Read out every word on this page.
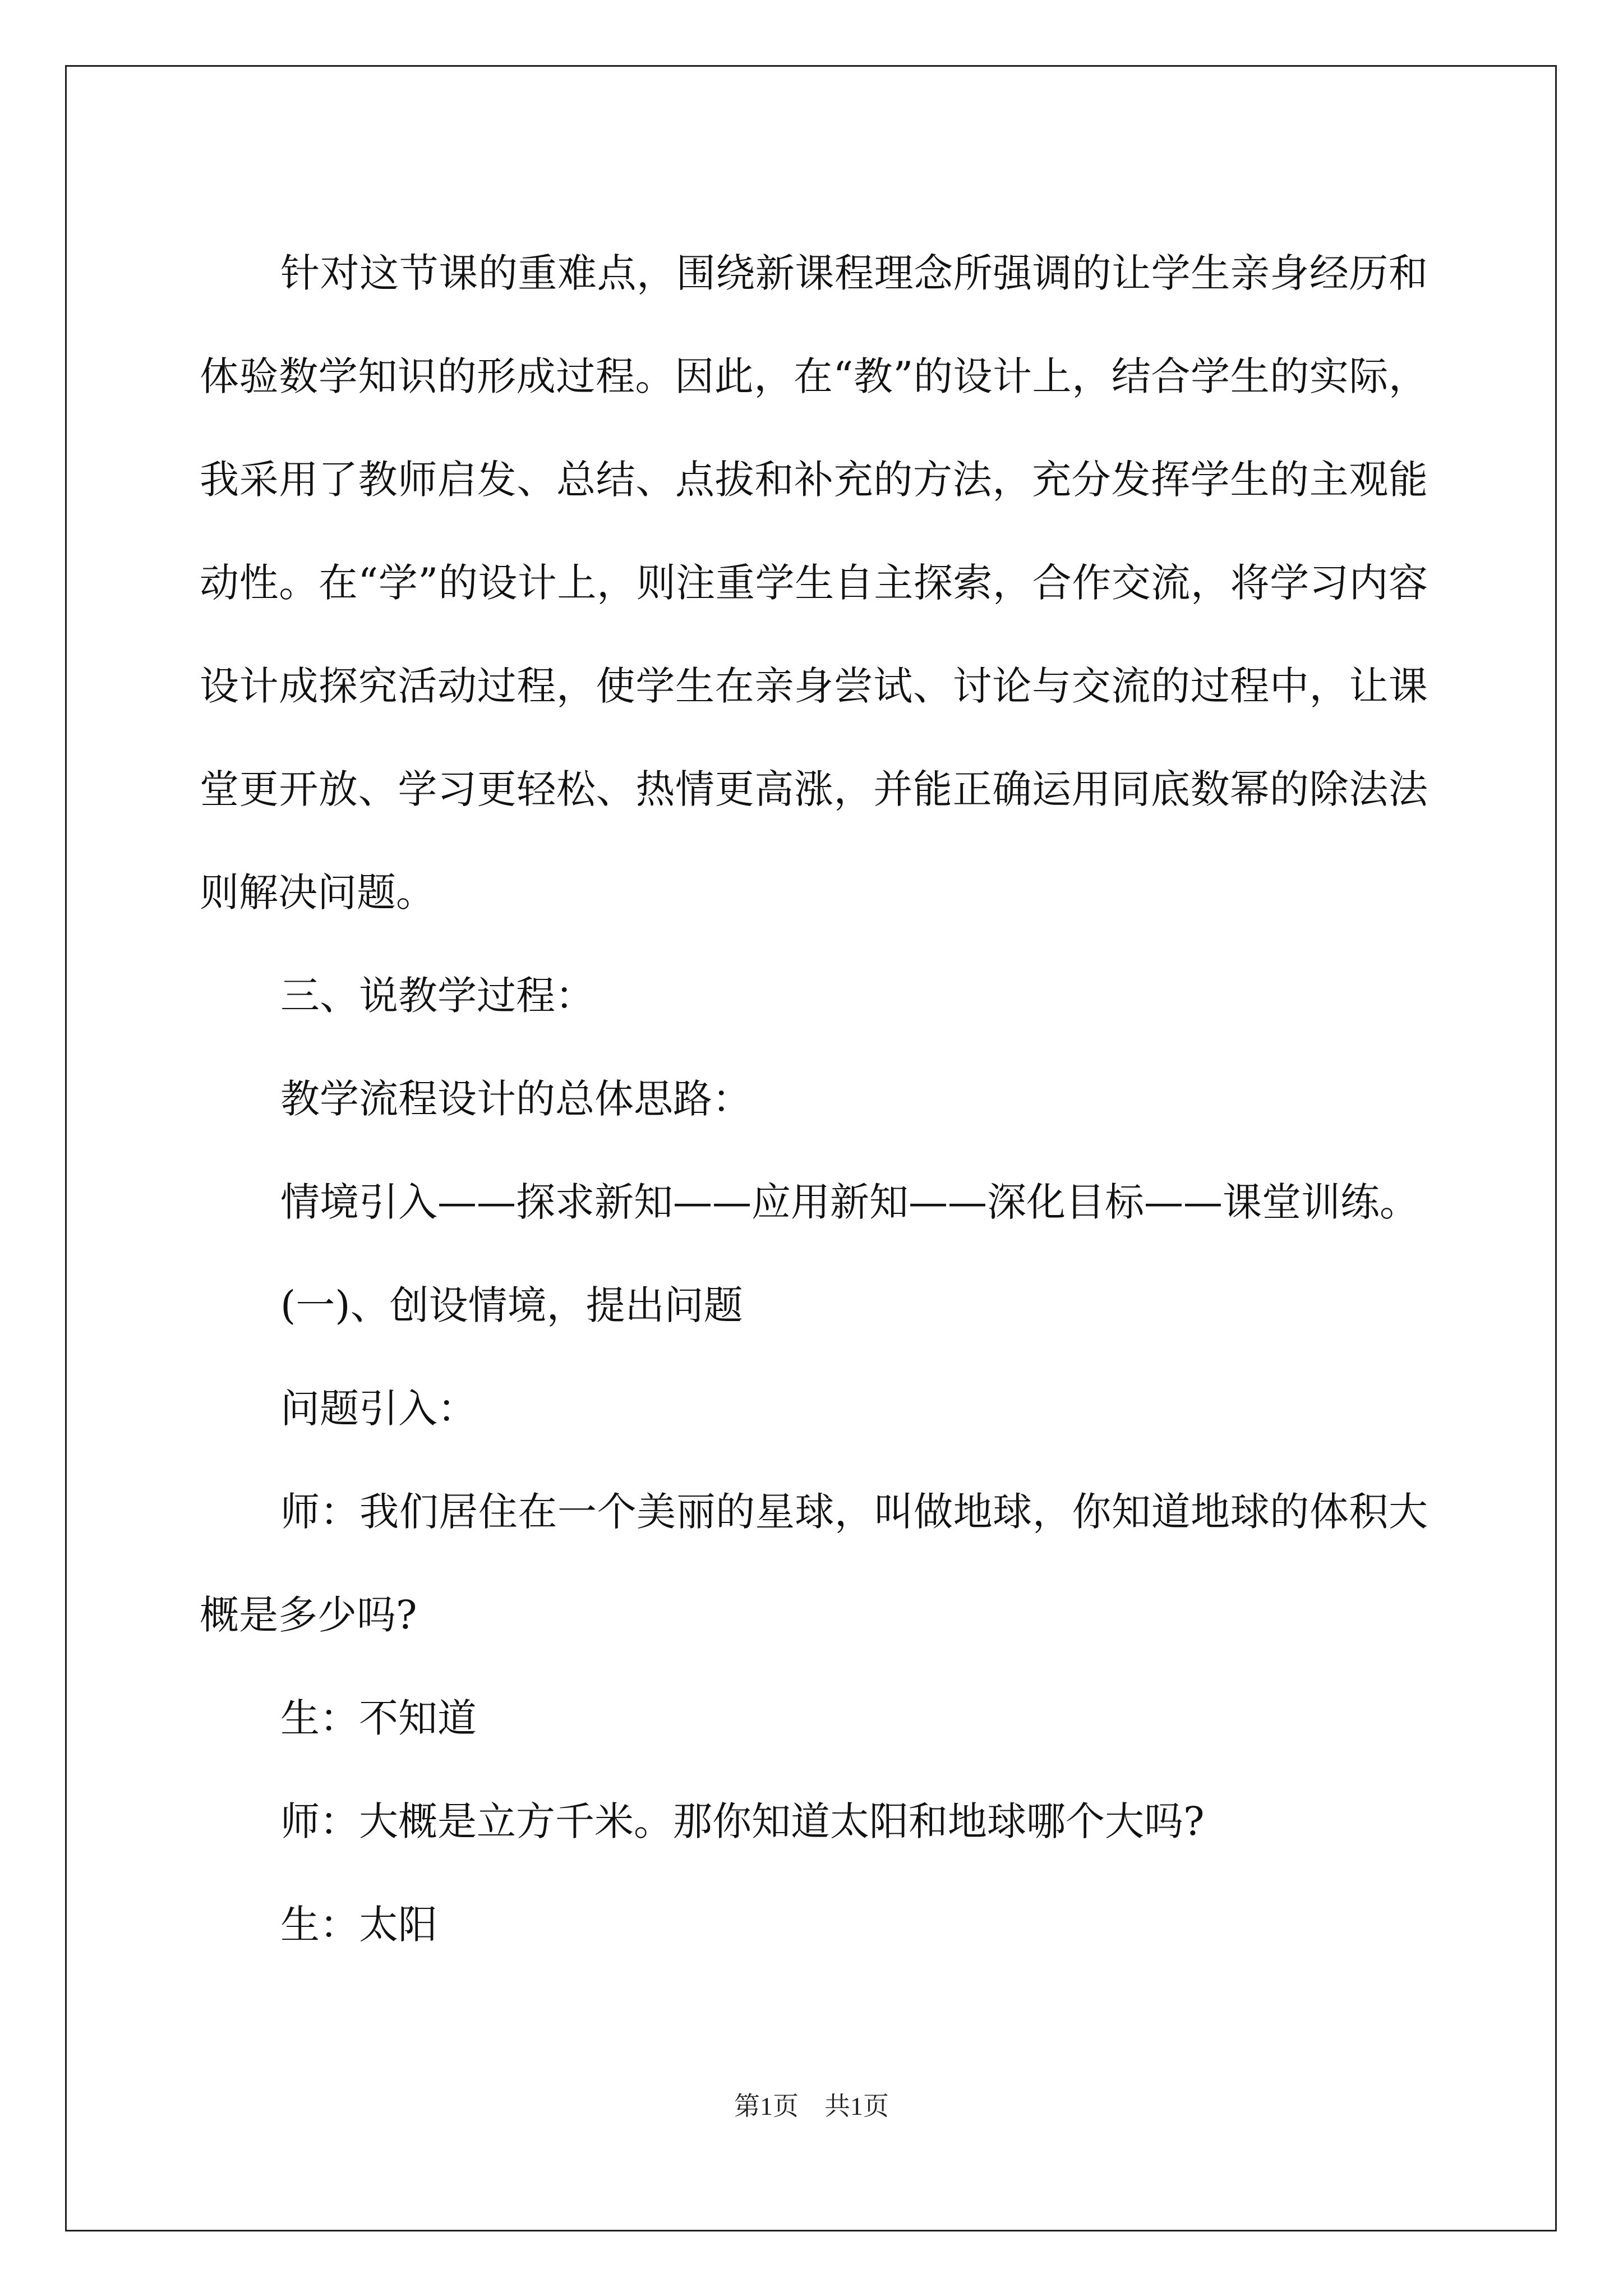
针对这节课的重难点，围绕新课程理念所强调的让学生亲身经历和体验数学知识的形成过程。因此，在“教”的设计上，结合学生的实际，我采用了教师启发、总结、点拔和补充的方法，充分发挥学生的主观能动性。在“学”的设计上，则注重学生自主探索，合作交流，将学习内容设计成探究活动过程，使学生在亲身尝试、讨论与交流的过程中，让课堂更开放、学习更轻松、热情更高涨，并能正确运用同底数幂的除法法则解决问题。

三、说教学过程：

教学流程设计的总体思路：

情境引入——探求新知——应用新知——深化目标——课堂训练。

(一)、创设情境，提出问题

问题引入：

师：我们居住在一个美丽的星球，叫做地球，你知道地球的体积大概是多少吗?

生：不知道

师：大概是立方千米。那你知道太阳和地球哪个大吗?

生：太阳

第1页　共1页
